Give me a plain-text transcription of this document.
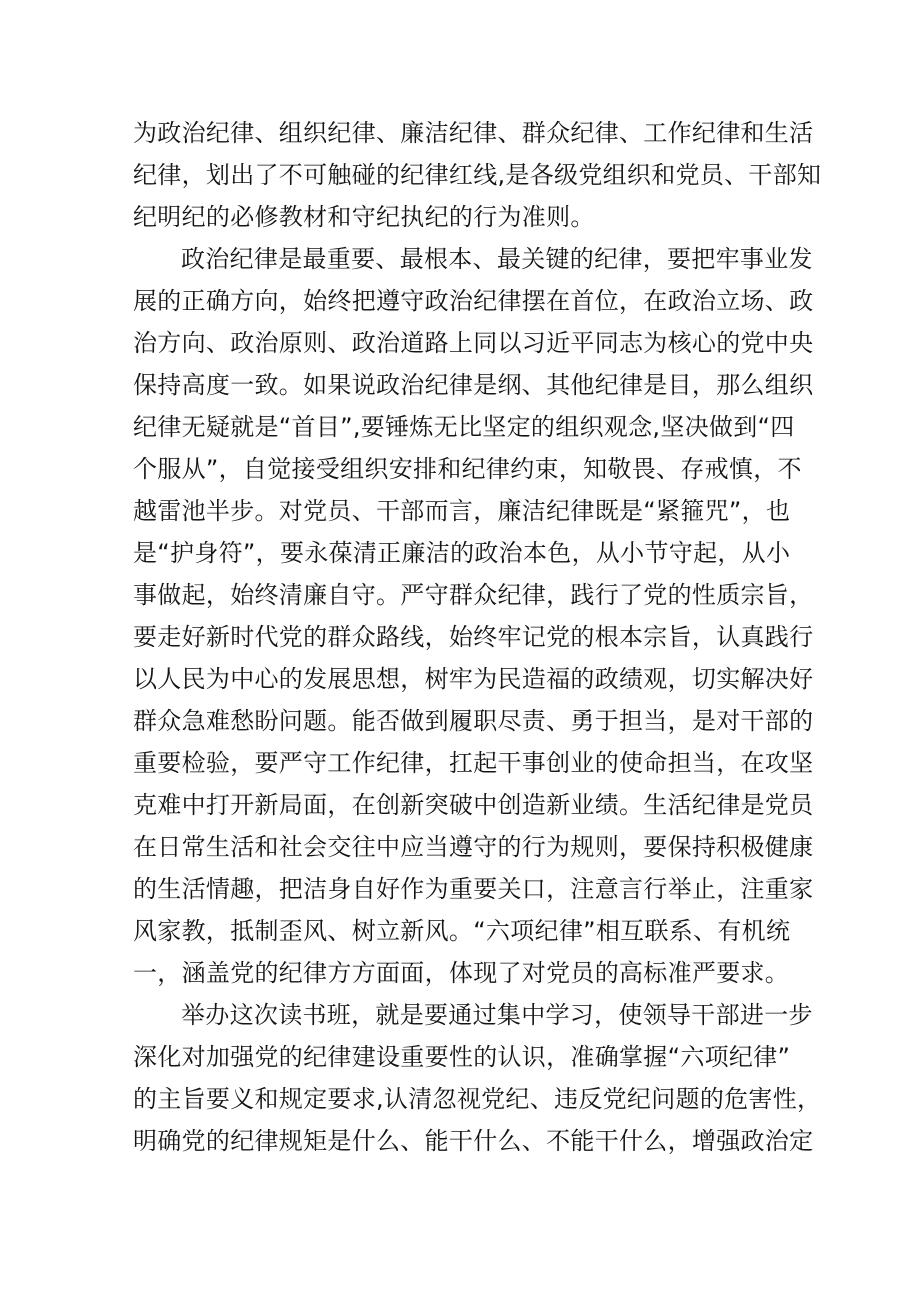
为政治纪律、组织纪律、廉洁纪律、群众纪律、工作纪律和生活
纪律，划出了不可触碰的纪律红线,是各级党组织和党员、干部知
纪明纪的必修教材和守纪执纪的行为准则。
政治纪律是最重要、最根本、最关键的纪律，要把牢事业发
展的正确方向，始终把遵守政治纪律摆在首位，在政治立场、政
治方向、政治原则、政治道路上同以习近平同志为核心的党中央
保持高度一致。如果说政治纪律是纲、其他纪律是目，那么组织
纪律无疑就是“首目”,要锤炼无比坚定的组织观念,坚决做到“四
个服从”，自觉接受组织安排和纪律约束，知敬畏、存戒慎，不
越雷池半步。对党员、干部而言，廉洁纪律既是“紧箍咒”，也
是“护身符”，要永葆清正廉洁的政治本色，从小节守起，从小
事做起，始终清廉自守。严守群众纪律，践行了党的性质宗旨，
要走好新时代党的群众路线，始终牢记党的根本宗旨，认真践行
以人民为中心的发展思想，树牢为民造福的政绩观，切实解决好
群众急难愁盼问题。能否做到履职尽责、勇于担当，是对干部的
重要检验，要严守工作纪律，扛起干事创业的使命担当，在攻坚
克难中打开新局面，在创新突破中创造新业绩。生活纪律是党员
在日常生活和社会交往中应当遵守的行为规则，要保持积极健康
的生活情趣，把洁身自好作为重要关口，注意言行举止，注重家
风家教，抵制歪风、树立新风。“六项纪律”相互联系、有机统
一，涵盖党的纪律方方面面，体现了对党员的高标准严要求。
举办这次读书班，就是要通过集中学习，使领导干部进一步
深化对加强党的纪律建设重要性的认识，准确掌握“六项纪律”
的主旨要义和规定要求,认清忽视党纪、违反党纪问题的危害性，
明确党的纪律规矩是什么、能干什么、不能干什么，增强政治定
